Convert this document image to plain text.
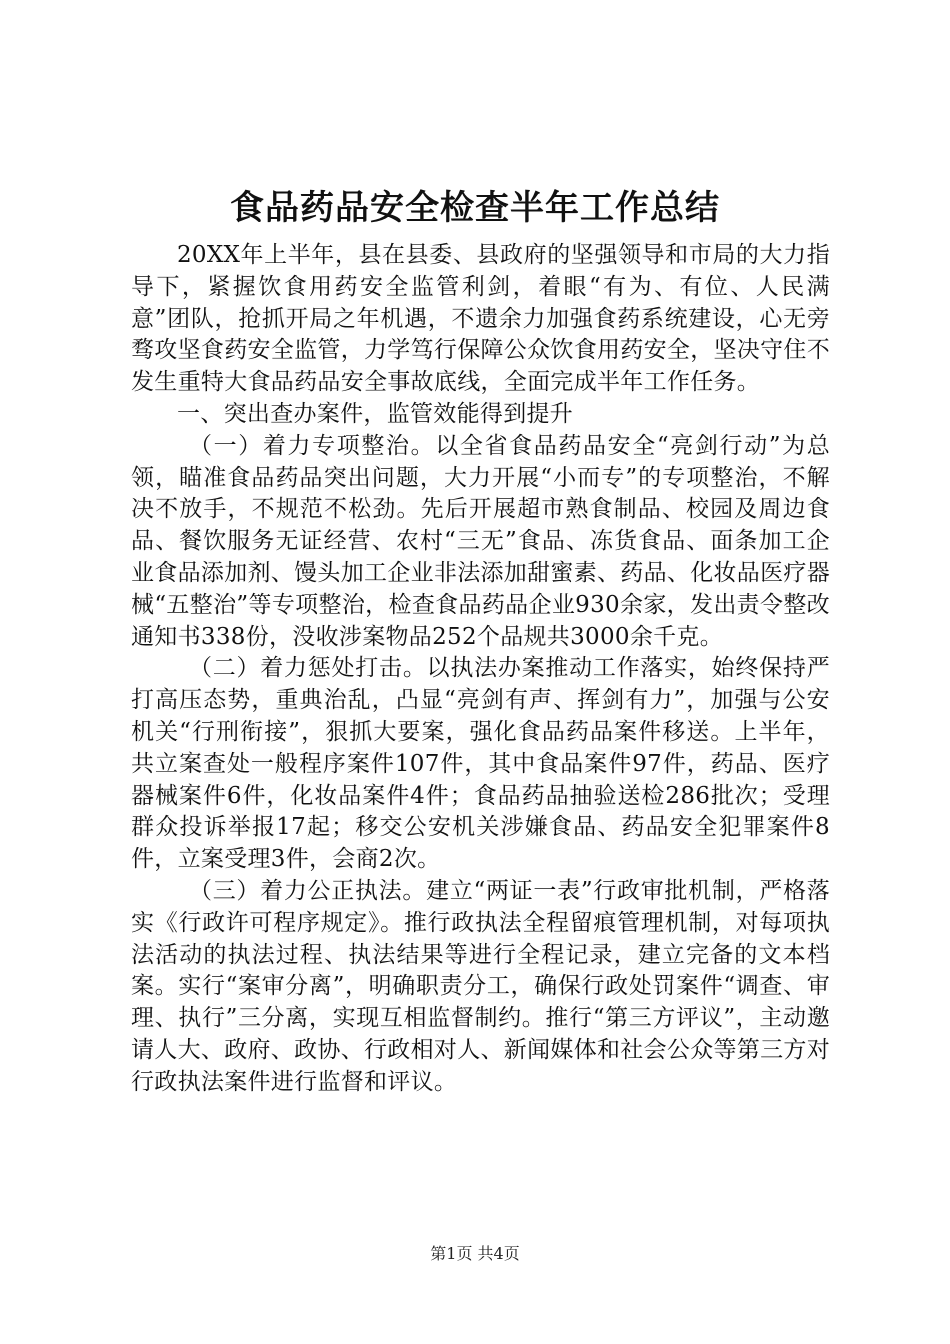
食品药品安全检查半年工作总结

20XX年上半年，县在县委、县政府的坚强领导和市局的大力指导下，紧握饮食用药安全监管利剑，着眼“有为、有位、人民满意”团队，抢抓开局之年机遇，不遗余力加强食药系统建设，心无旁骛攻坚食药安全监管，力学笃行保障公众饮食用药安全，坚决守住不发生重特大食品药品安全事故底线，全面完成半年工作任务。

一、突出查办案件，监管效能得到提升

（一）着力专项整治。以全省食品药品安全“亮剑行动”为总领，瞄准食品药品突出问题，大力开展“小而专”的专项整治，不解决不放手，不规范不松劲。先后开展超市熟食制品、校园及周边食品、餐饮服务无证经营、农村“三无”食品、冻货食品、面条加工企业食品添加剂、馒头加工企业非法添加甜蜜素、药品、化妆品医疗器械“五整治”等专项整治，检查食品药品企业930余家，发出责令整改通知书338份，没收涉案物品252个品规共3000余千克。

（二）着力惩处打击。以执法办案推动工作落实，始终保持严打高压态势，重典治乱，凸显“亮剑有声、挥剑有力”，加强与公安机关“行刑衔接”，狠抓大要案，强化食品药品案件移送。上半年，共立案查处一般程序案件107件，其中食品案件97件，药品、医疗器械案件6件，化妆品案件4件；食品药品抽验送检286批次；受理群众投诉举报17起；移交公安机关涉嫌食品、药品安全犯罪案件8件，立案受理3件，会商2次。

（三）着力公正执法。建立“两证一表”行政审批机制，严格落实《行政许可程序规定》。推行政执法全程留痕管理机制，对每项执法活动的执法过程、执法结果等进行全程记录，建立完备的文本档案。实行“案审分离”，明确职责分工，确保行政处罚案件“调查、审理、执行”三分离，实现互相监督制约。推行“第三方评议”，主动邀请人大、政府、政协、行政相对人、新闻媒体和社会公众等第三方对行政执法案件进行监督和评议。

第1页 共4页
